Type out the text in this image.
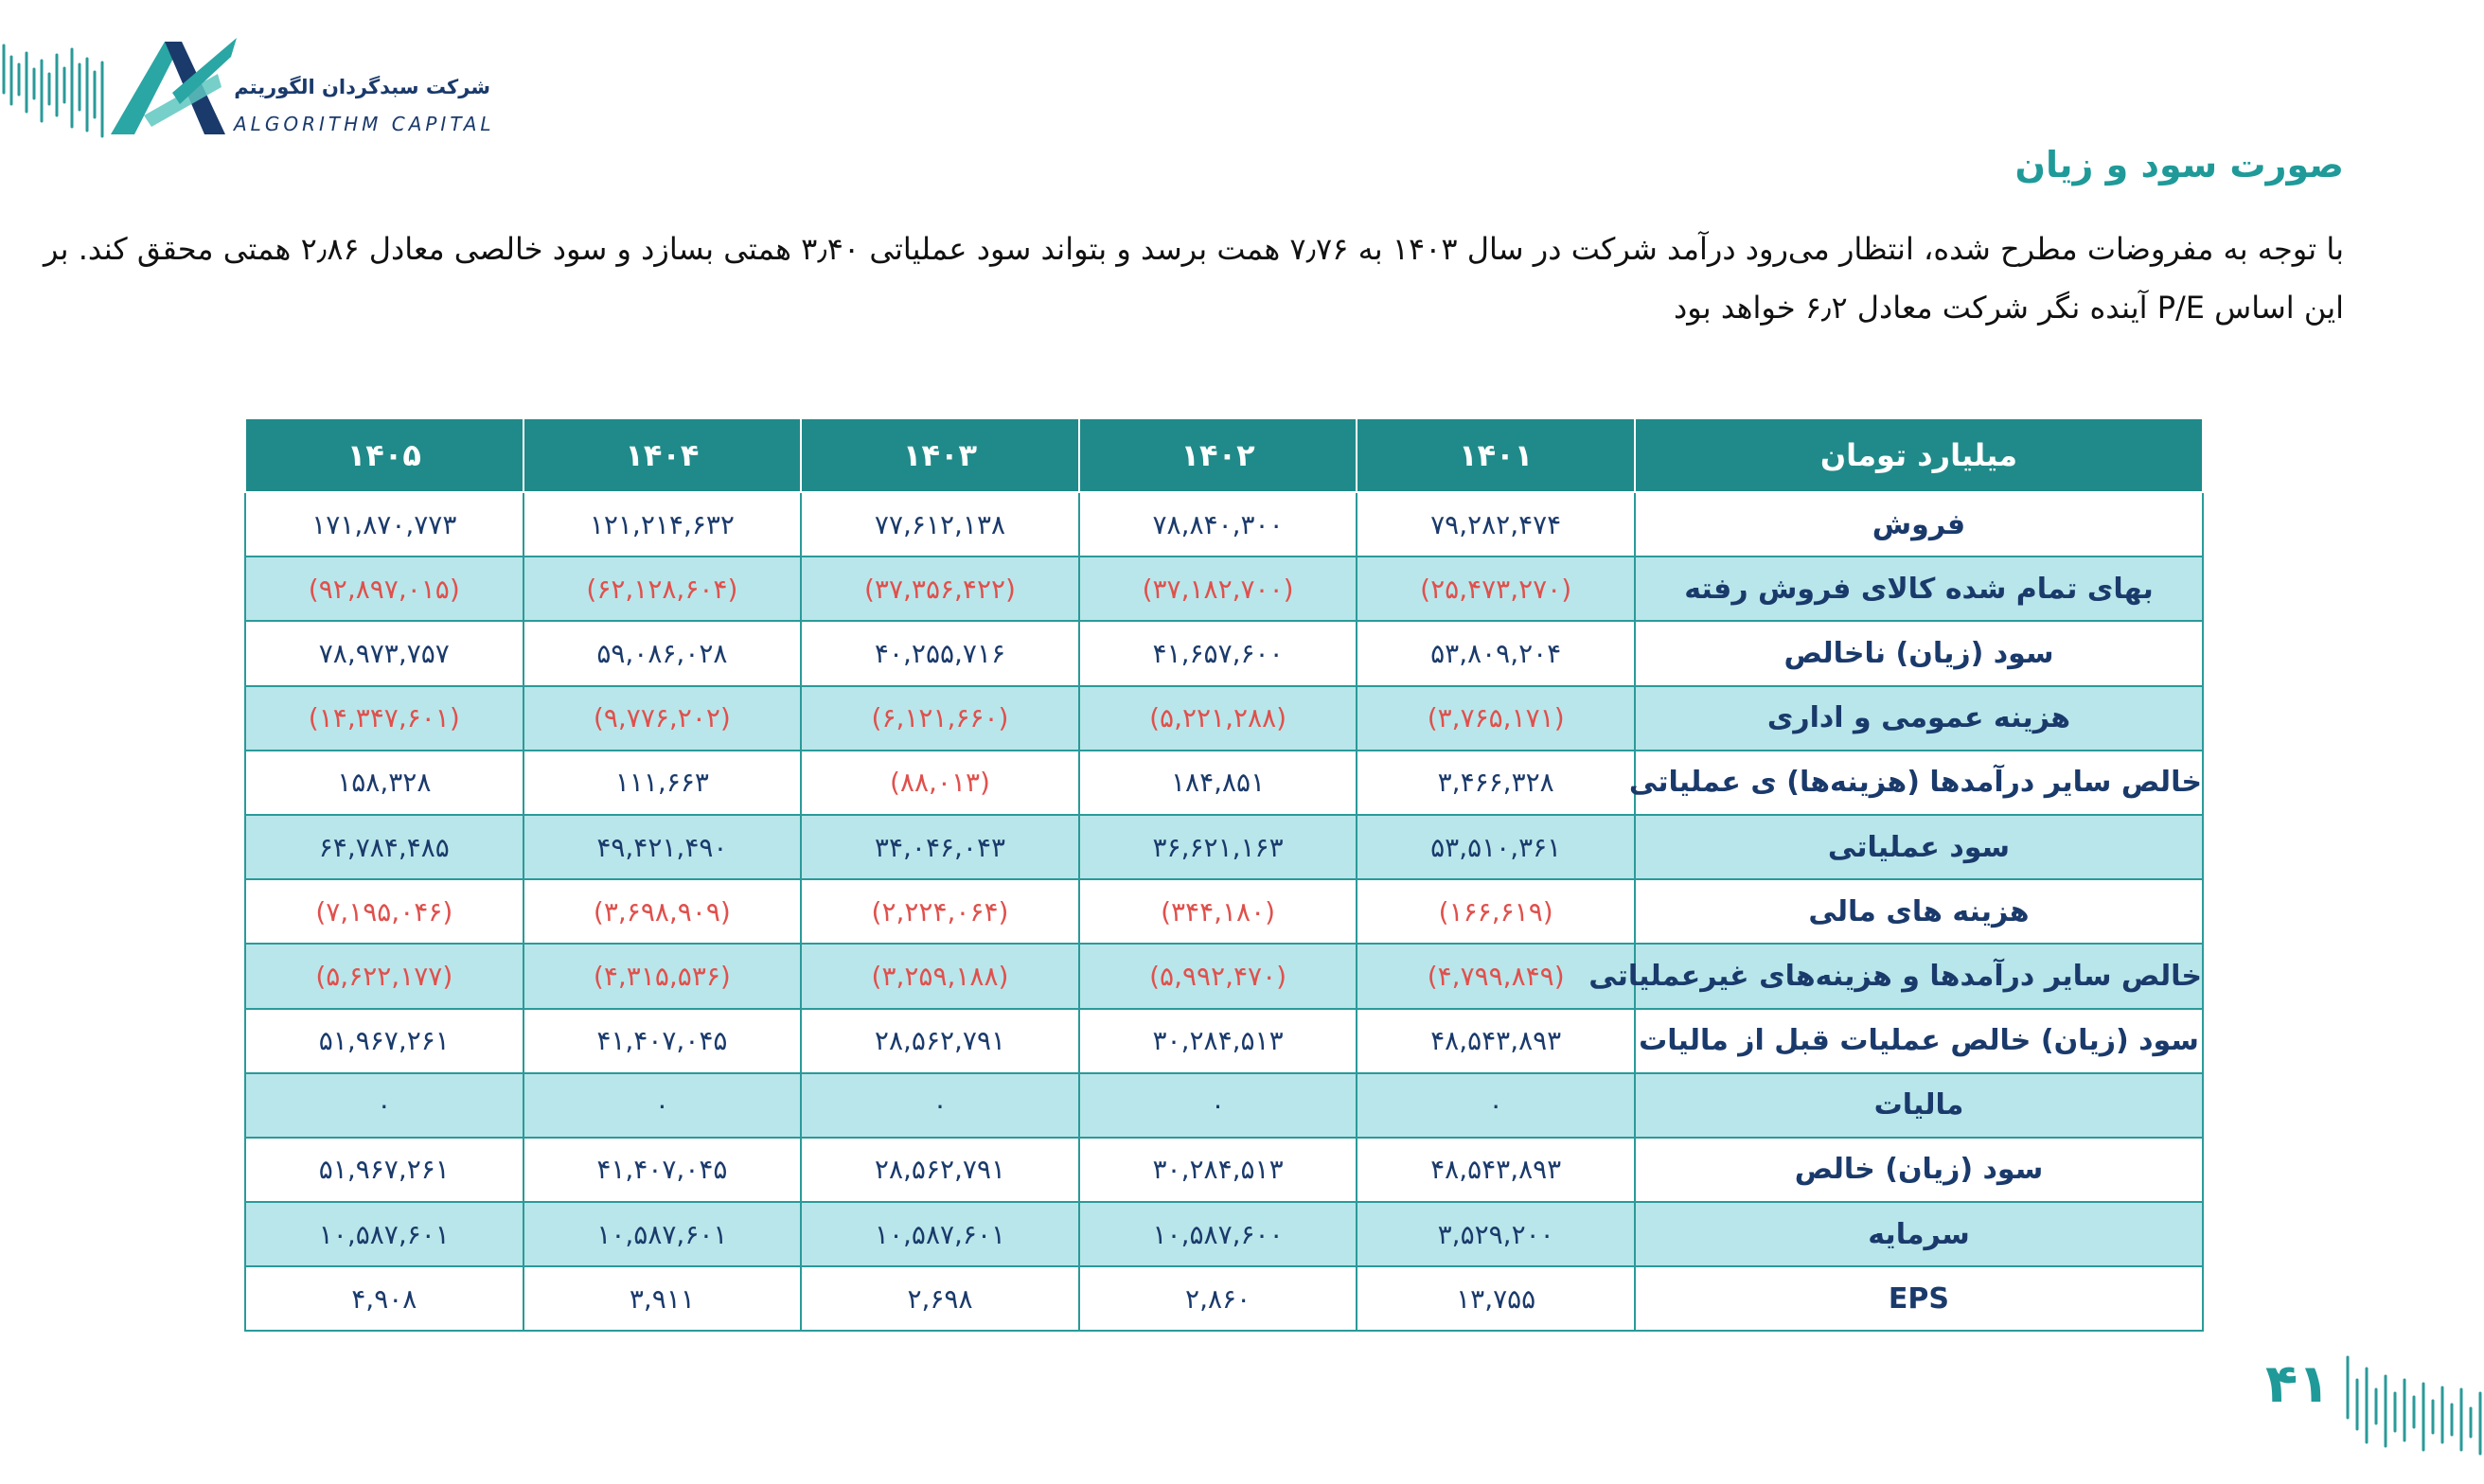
شرکت سبدگردان الگوریتم
ALGORITHM CAPITAL
صورت سود و زیان

با توجه به مفروضات مطرح شده، انتظار می‌رود درآمد شرکت در سال ۱۴۰۳ به ۷٫۷۶ همت برسد و بتواند سود عملیاتی ۳٫۴۰ همتی بسازد و سود خالصی معادل ۲٫۸۶ همتی محقق کند. بر این اساس P/E آینده نگر شرکت معادل ۶٫۲ خواهد بود

میلیارد تومان	۱۴۰۱	۱۴۰۲	۱۴۰۳	۱۴۰۴	۱۴۰۵
فروش	۷۹,۲۸۲,۴۷۴	۷۸,۸۴۰,۳۰۰	۷۷,۶۱۲,۱۳۸	۱۲۱,۲۱۴,۶۳۲	۱۷۱,۸۷۰,۷۷۳
بهای تمام شده کالای فروش رفته	(۲۵,۴۷۳,۲۷۰)	(۳۷,۱۸۲,۷۰۰)	(۳۷,۳۵۶,۴۲۲)	(۶۲,۱۲۸,۶۰۴)	(۹۲,۸۹۷,۰۱۵)
سود (زیان) ناخالص	۵۳,۸۰۹,۲۰۴	۴۱,۶۵۷,۶۰۰	۴۰,۲۵۵,۷۱۶	۵۹,۰۸۶,۰۲۸	۷۸,۹۷۳,۷۵۷
هزینه عمومی و اداری	(۳,۷۶۵,۱۷۱)	(۵,۲۲۱,۲۸۸)	(۶,۱۲۱,۶۶۰)	(۹,۷۷۶,۲۰۲)	(۱۴,۳۴۷,۶۰۱)
خالص سایر درآمدها (هزینه‌ها) ی عملیاتی	۳,۴۶۶,۳۲۸	۱۸۴,۸۵۱	(۸۸,۰۱۳)	۱۱۱,۶۶۳	۱۵۸,۳۲۸
سود عملیاتی	۵۳,۵۱۰,۳۶۱	۳۶,۶۲۱,۱۶۳	۳۴,۰۴۶,۰۴۳	۴۹,۴۲۱,۴۹۰	۶۴,۷۸۴,۴۸۵
هزینه های مالی	(۱۶۶,۶۱۹)	(۳۴۴,۱۸۰)	(۲,۲۲۴,۰۶۴)	(۳,۶۹۸,۹۰۹)	(۷,۱۹۵,۰۴۶)
خالص سایر درآمدها و هزینه‌های غیرعملیاتی	(۴,۷۹۹,۸۴۹)	(۵,۹۹۲,۴۷۰)	(۳,۲۵۹,۱۸۸)	(۴,۳۱۵,۵۳۶)	(۵,۶۲۲,۱۷۷)
سود (زیان) خالص عملیات قبل از مالیات	۴۸,۵۴۳,۸۹۳	۳۰,۲۸۴,۵۱۳	۲۸,۵۶۲,۷۹۱	۴۱,۴۰۷,۰۴۵	۵۱,۹۶۷,۲۶۱
مالیات	۰	۰	۰	۰	۰
سود (زیان) خالص	۴۸,۵۴۳,۸۹۳	۳۰,۲۸۴,۵۱۳	۲۸,۵۶۲,۷۹۱	۴۱,۴۰۷,۰۴۵	۵۱,۹۶۷,۲۶۱
سرمایه	۳,۵۲۹,۲۰۰	۱۰,۵۸۷,۶۰۰	۱۰,۵۸۷,۶۰۱	۱۰,۵۸۷,۶۰۱	۱۰,۵۸۷,۶۰۱
EPS	۱۳,۷۵۵	۲,۸۶۰	۲,۶۹۸	۳,۹۱۱	۴,۹۰۸
۴۱
